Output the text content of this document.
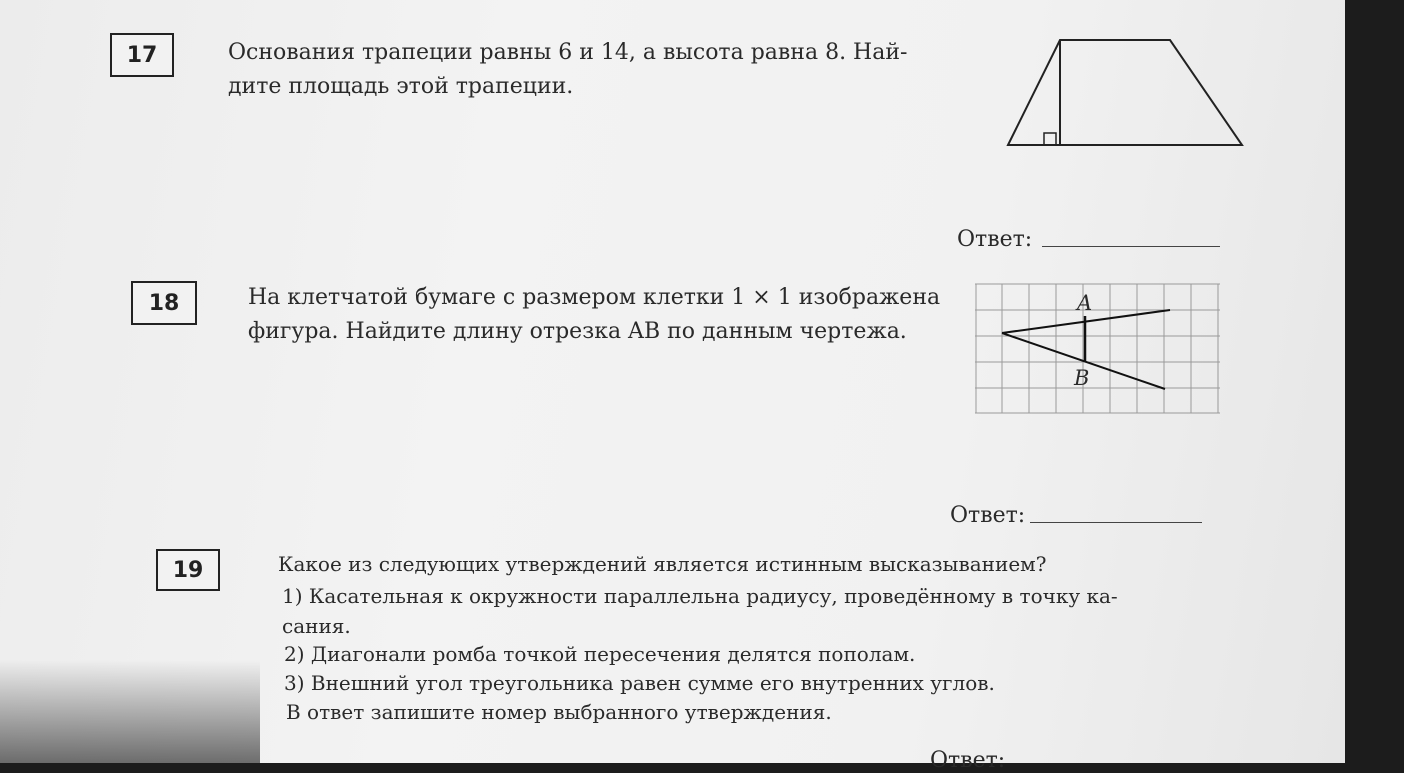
17	Основания трапеции равны 6 и 14, а высота равна 8. Най-
дите площадь этой трапеции.
Ответ:
18	На клетчатой бумаге с размером клетки 1 × 1 изображена
фигура. Найдите длину отрезка AB по данным чертежа.
A
B
Ответ:
19	Какое из следующих утверждений является истинным высказыванием?
1) Касательная к окружности параллельна радиусу, проведённому в точку ка-
сания.
2) Диагонали ромба точкой пересечения делятся пополам.
3) Внешний угол треугольника равен сумме его внутренних углов.
В ответ запишите номер выбранного утверждения.
Ответ:
